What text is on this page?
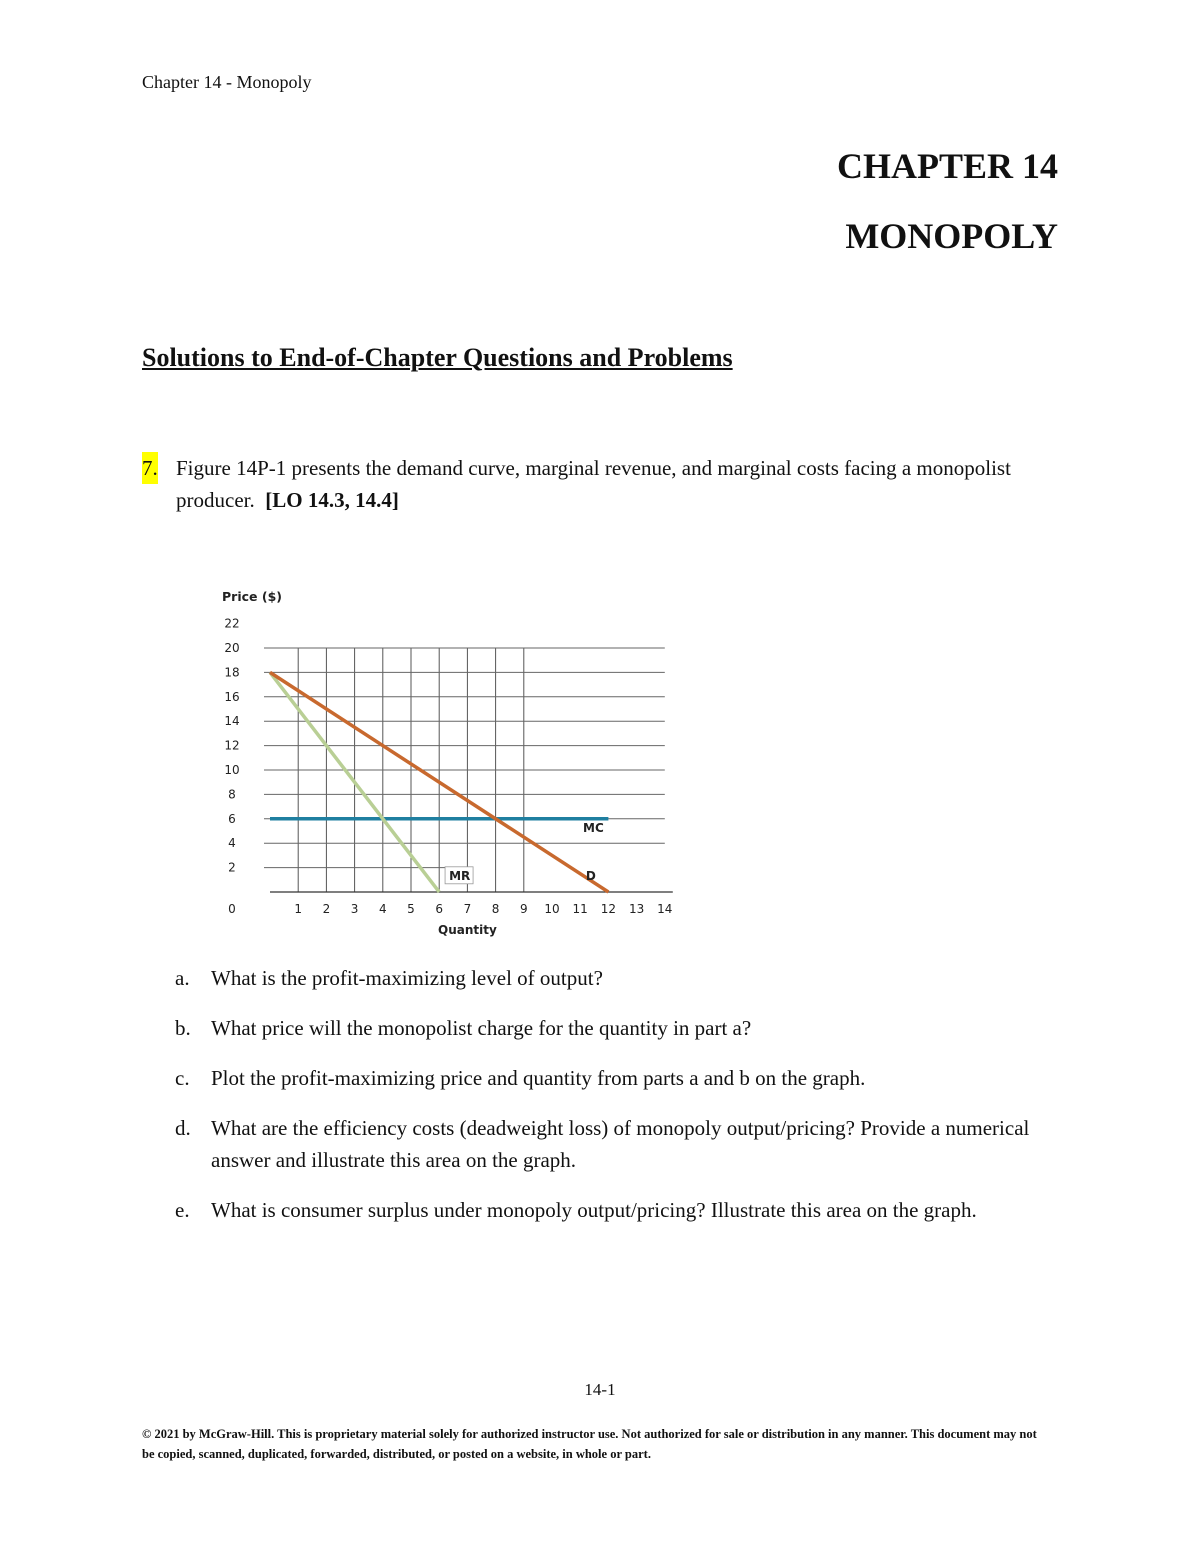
Chapter 14 - Monopoly
CHAPTER 14
MONOPOLY
Solutions to End-of-Chapter Questions and Problems
7. Figure 14P-1 presents the demand curve, marginal revenue, and marginal costs facing a monopolist producer. [LO 14.3, 14.4]
0
2
4
6
8
10
12
14
16
18
20
22
1 2 3 4 5 6 7 8 9 10 11 12 13 14
Price ($)
Quantity
D
MR
MC
a. What is the profit-maximizing level of output?
b. What price will the monopolist charge for the quantity in part a?
c. Plot the profit-maximizing price and quantity from parts a and b on the graph.
d. What are the efficiency costs (deadweight loss) of monopoly output/pricing? Provide a numerical answer and illustrate this area on the graph.
e. What is consumer surplus under monopoly output/pricing? Illustrate this area on the graph.
14-1
© 2021 by McGraw-Hill. This is proprietary material solely for authorized instructor use. Not authorized for sale or distribution in any manner. This document may not be copied, scanned, duplicated, forwarded, distributed, or posted on a website, in whole or part.
